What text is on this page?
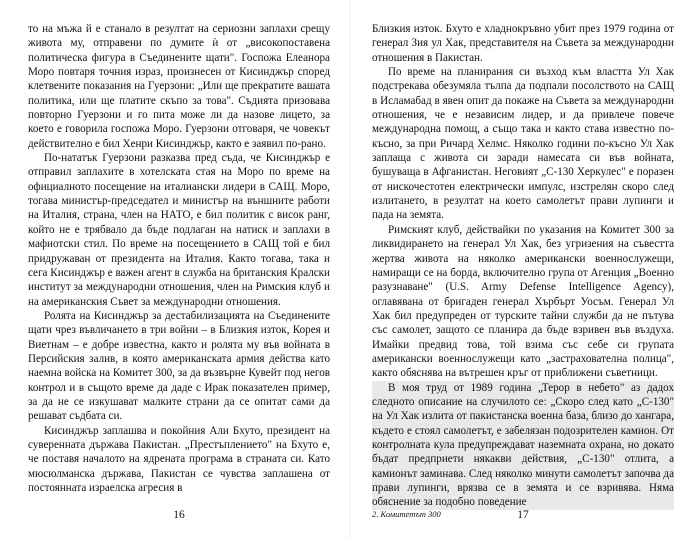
то на мъжа й е станало в резултат на сериозни заплахи срещу живота му, отправени по думите ѝ от „високопоставена политическа фигура в Съединените щати". Госпожа Елеанора Моро повтаря точния израз, произнесен от Кисинджър според клетвените показания на Гуерзони: „Или ще прекратите вашата политика, или ще платите скъпо за това". Съдията призовава повторно Гуерзони и го пита може ли да назове лицето, за което е говорила госпожа Моро. Гуерзони отговаря, че човекът действително е бил Хенри Кисинджър, както е заявил по-рано.

По-нататък Гуерзони разказва пред съда, че Кисинджър е отправил заплахите в хотелската стая на Моро по време на официалното посещение на италиански лидери в САЩ. Моро, тогава министър-председател и министър на външните работи на Италия, страна, член на НАТО, е бил политик с висок ранг, който не е трябвало да бъде подлаган на натиск и заплахи в мафиотски стил. По време на посещението в САЩ той е бил придружаван от президента на Италия. Както тогава, така и сега Кисинджър е важен агент в служба на британския Кралски институт за международни отношения, член на Римския клуб и на американския Съвет за международни отношения.

Ролята на Кисинджър за дестабилизацията на Съединените щати чрез въвличането в три войни – в Близкия изток, Корея и Виетнам – е добре известна, както и ролята му във войната в Персийския залив, в която американската армия действа като наемна войска на Комитет 300, за да възвърне Кувейт под негов контрол и в същото време да даде с Ирак показателен пример, за да не се изкушават малките страни да се опитат сами да решават съдбата си.

Кисинджър заплашва и покойния Али Бхуто, президент на суверенната държава Пакистан. „Престъплението" на Бхуто е, че поставя началото на ядрената програма в страната си. Като мюсюлманска държава, Пакистан се чувства заплашена от постоянната израелска агресия в

16

Близкия изток. Бхуто е хладнокръвно убит през 1979 година от генерал Зия ул Хак, представителя на Съвета за международни отношения в Пакистан.

По време на планирания си възход към властта Ул Хак подстрекава обезумяла тълпа да подпали посолството на САЩ в Исламабад в явен опит да покаже на Съвета за международни отношения, че е независим лидер, и да привлече повече международна помощ, а също така и както става известно по-късно, за при Ричард Хелмс. Няколко години по-късно Ул Хак заплаща с живота си заради намесата си във войната, бушуваща в Афганистан. Неговият „С-130 Херкулес" е поразен от нискочестотен електрически импулс, изстрелян скоро след излитането, в резултат на което самолетът прави лупинги и пада на земята.

Римският клуб, действайки по указания на Комитет 300 за ликвидирането на генерал Ул Хак, без угризения на съвестта жертва живота на няколко американски военнослужещи, намиращи се на борда, включително група от Агенция „Военно разузнаване" (U.S. Army Defense Intelligence Agency), оглавявана от бригаден генерал Хърбърт Уосъм. Генерал Ул Хак бил предупреден от турските тайни служби да не пътува със самолет, защото се планира да бъде взривен във въздуха. Имайки предвид това, той взима със себе си групата американски военнослужещи като „застрахователна полица", както обяснява на вътрешен кръг от приближени съветници.

В моя труд от 1989 година „Терор в небето" аз дадох следното описание на случилото се: „Скоро след като „С-130" на Ул Хак излита от пакистанска военна база, близо до хангара, където е стоял самолетът, е забелязан подозрителен камион. От контролната кула предупреждават наземната охрана, но докато бъдат предприети някакви действия, „С-130" отлита, а камионът заминава. След няколко минути самолетът започва да прави лупинги, врязва се в земята и се взривява. Няма обяснение за подобно поведение

2. Комитетът 300	17
